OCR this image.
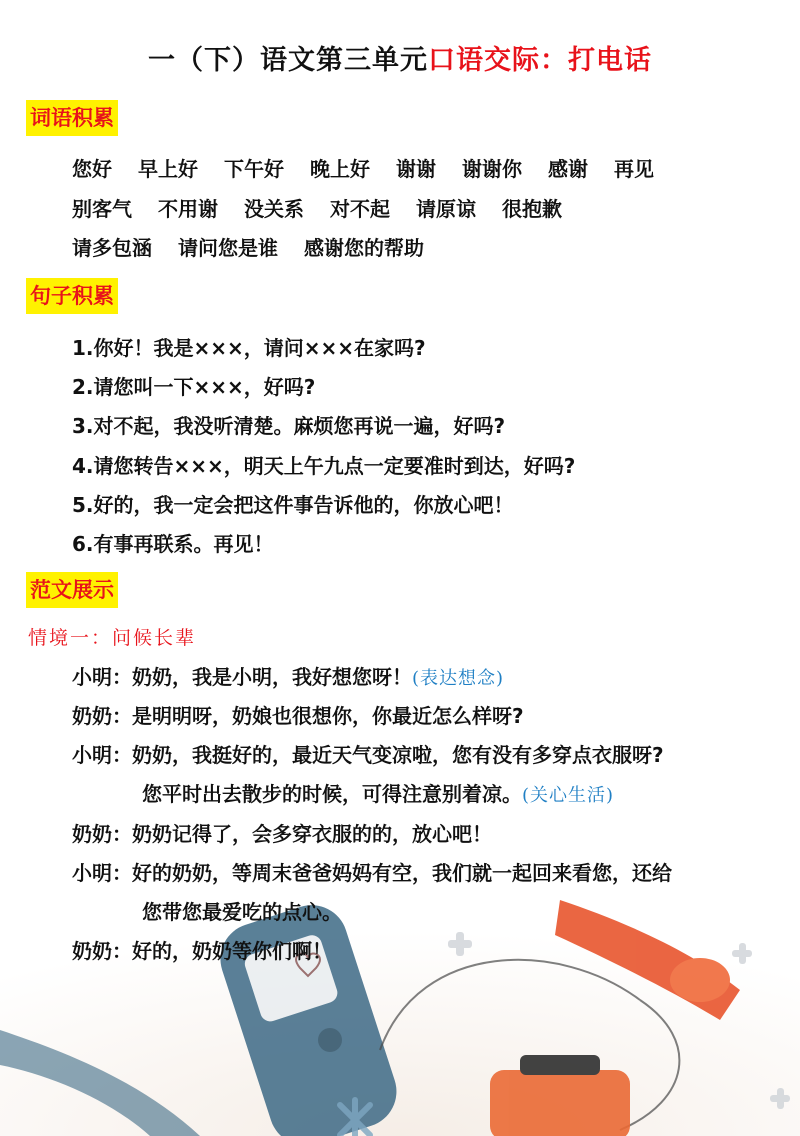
一（下）语文第三单元口语交际：打电话
词语积累
您好 早上好 下午好 晚上好 谢谢 谢谢你 感谢 再见
别客气 不用谢 没关系 对不起 请原谅 很抱歉
请多包涵 请问您是谁 感谢您的帮助
句子积累
1.你好！我是×××，请问×××在家吗?
2.请您叫一下×××，好吗?
3.对不起，我没听清楚。麻烦您再说一遍，好吗?
4.请您转告×××，明天上午九点一定要准时到达，好吗?
5.好的，我一定会把这件事告诉他的，你放心吧！
6.有事再联系。再见！
范文展示
情境一：问候长辈
小明：奶奶，我是小明，我好想您呀！(表达想念)
奶奶：是明明呀，奶娘也很想你，你最近怎么样呀?
小明：奶奶，我挺好的，最近天气变凉啦，您有没有多穿点衣服呀?
您平时出去散步的时候，可得注意别着凉。(关心生活)
奶奶：奶奶记得了，会多穿衣服的的，放心吧！
小明：好的奶奶，等周末爸爸妈妈有空，我们就一起回来看您，还给
您带您最爱吃的点心。
奶奶：好的，奶奶等你们啊！
